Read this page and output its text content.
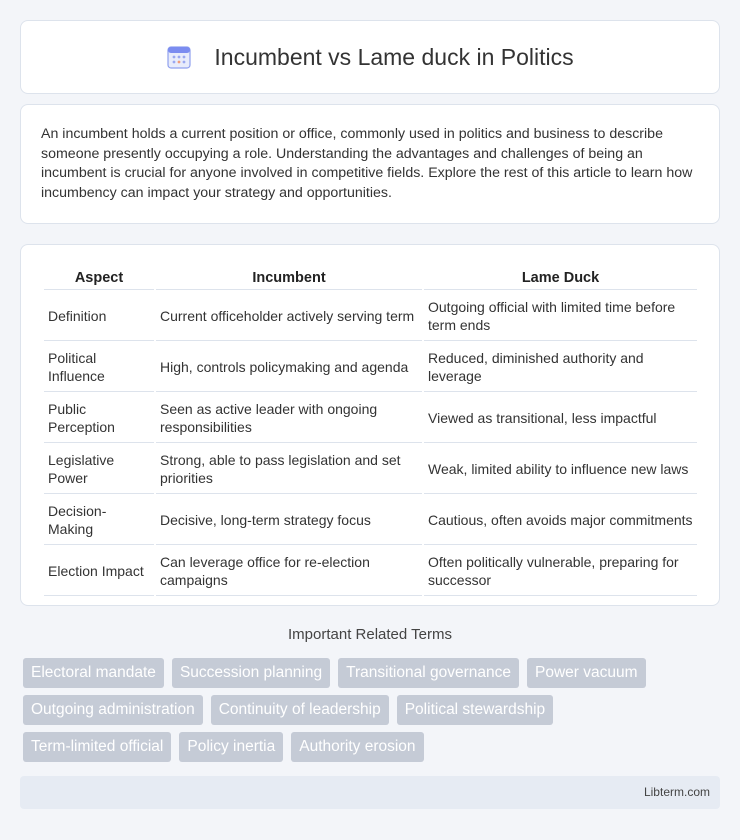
Incumbent vs Lame duck in Politics

An incumbent holds a current position or office, commonly used in politics and business to describe someone presently occupying a role. Understanding the advantages and challenges of being an incumbent is crucial for anyone involved in competitive fields. Explore the rest of this article to learn how incumbency can impact your strategy and opportunities.

Aspect	Incumbent	Lame Duck
Definition	Current officeholder actively serving term	Outgoing official with limited time before term ends
Political Influence	High, controls policymaking and agenda	Reduced, diminished authority and leverage
Public Perception	Seen as active leader with ongoing responsibilities	Viewed as transitional, less impactful
Legislative Power	Strong, able to pass legislation and set priorities	Weak, limited ability to influence new laws
Decision-Making	Decisive, long-term strategy focus	Cautious, often avoids major commitments
Election Impact	Can leverage office for re-election campaigns	Often politically vulnerable, preparing for successor
Important Related Terms
Electoral mandate	Succession planning	Transitional governance	Power vacuum
Outgoing administration	Continuity of leadership	Political stewardship
Term-limited official	Policy inertia	Authority erosion
Libterm.com
